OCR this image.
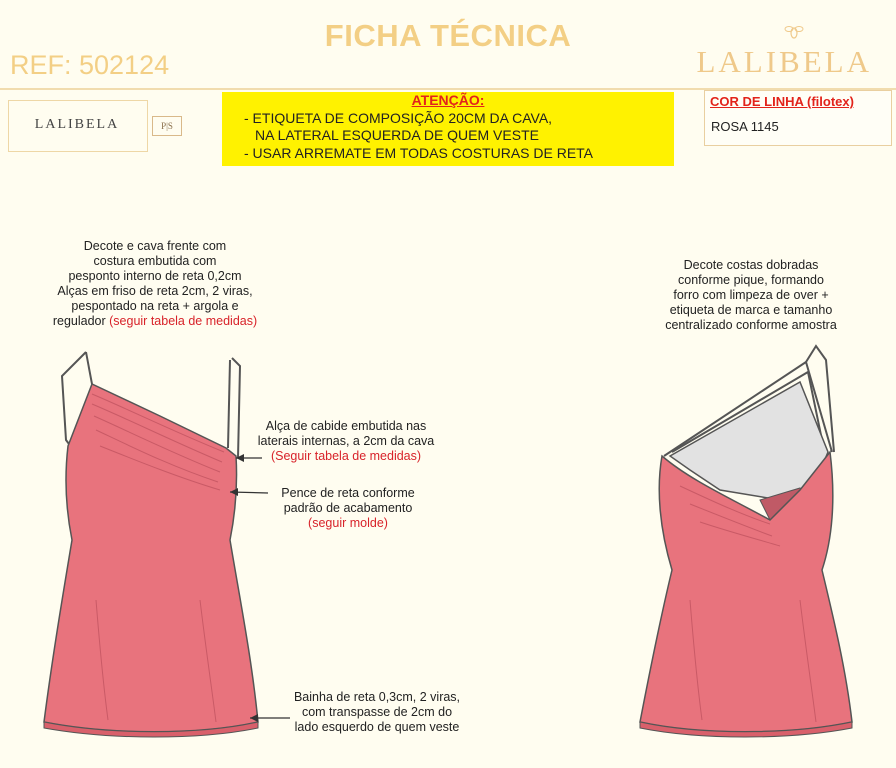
FICHA TÉCNICA
REF: 502124	LALIBELA
LALIBELA	P|S
ATENÇÃO:
- ETIQUETA DE COMPOSIÇÃO 20CM DA CAVA,
NA LATERAL ESQUERDA DE QUEM VESTE
- USAR ARREMATE EM TODAS COSTURAS DE RETA
COR DE LINHA (filotex)
ROSA 1145
Decote e cava frente com
costura embutida com
pesponto interno de reta 0,2cm
Alças em friso de reta 2cm, 2 viras,
pespontado na reta + argola e
regulador (seguir tabela de medidas)
Alça de cabide embutida nas
laterais internas, a 2cm da cava
(Seguir tabela de medidas)
Pence de reta conforme
padrão de acabamento
(seguir molde)
Bainha de reta 0,3cm, 2 viras,
com transpasse de 2cm do
lado esquerdo de quem veste
Decote costas dobradas
conforme pique, formando
forro com limpeza de over +
etiqueta de marca e tamanho
centralizado conforme amostra
